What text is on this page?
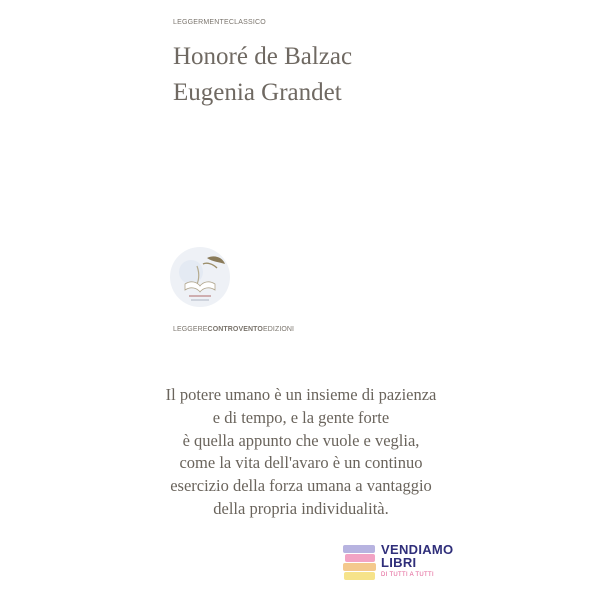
LEGGERMENTECLASSICO
Honoré de Balzac
Eugenia Grandet
LEGGERECONTROVENTOEDIZIONI
Il potere umano è un insieme di pazienza
e di tempo, e la gente forte
è quella appunto che vuole e veglia,
come la vita dell'avaro è un continuo
esercizio della forza umana a vantaggio
della propria individualità.
VENDIAMO
LIBRI
DI TUTTI A TUTTI
